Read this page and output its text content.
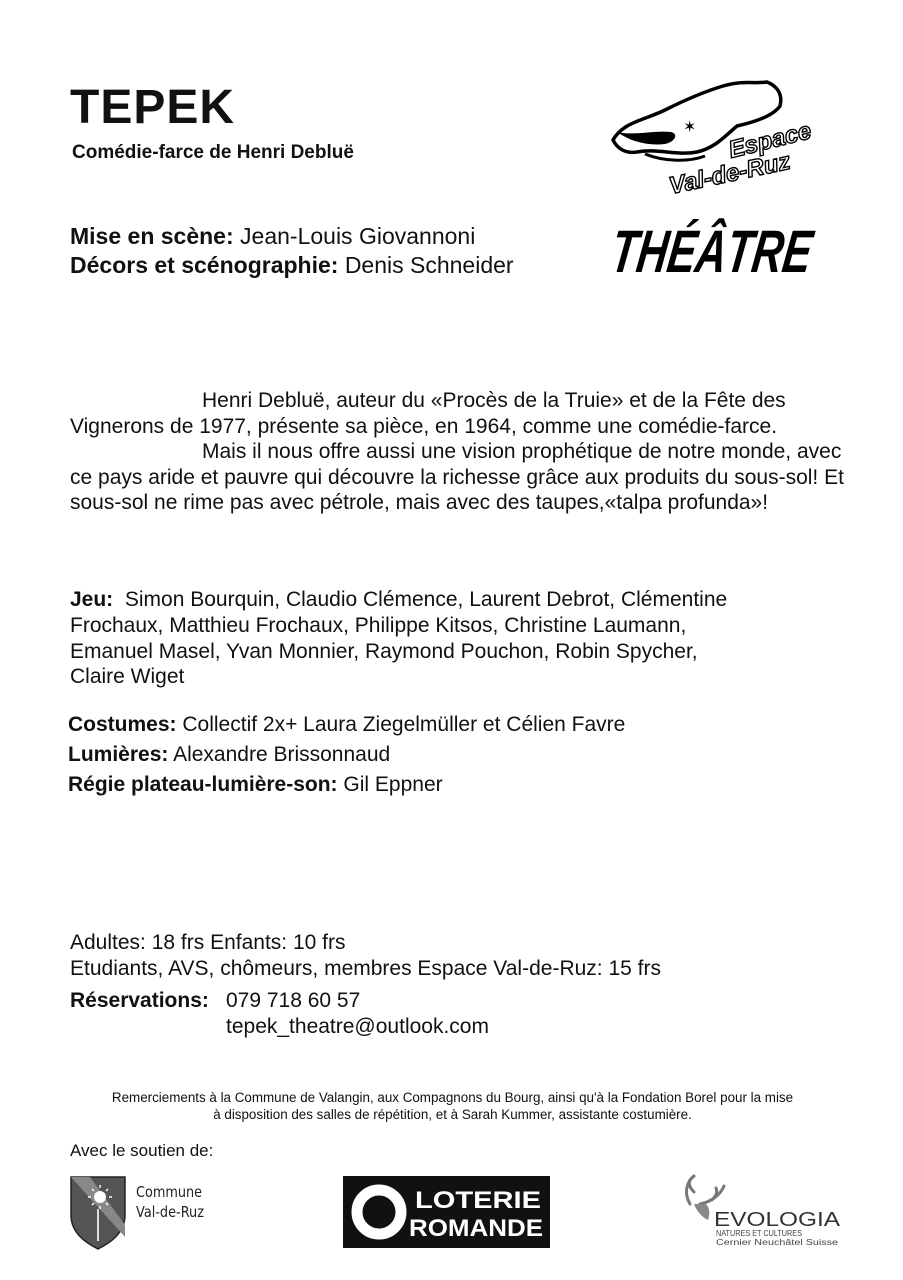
TEPEK
Comédie-farce de Henri Debluë
Mise en scène: Jean-Louis Giovannoni
Décors et scénographie: Denis Schneider
✶ Espace
Val-de-Ruz
THÉÂTRE

Henri Debluë, auteur du «Procès de la Truie» et de la Fête des Vignerons de 1977, présente sa pièce, en 1964, comme une comédie-farce.

Mais il nous offre aussi une vision prophétique de notre monde, avec ce pays aride et pauvre qui découvre la richesse grâce aux produits du sous-sol! Et sous-sol ne rime pas avec pétrole, mais avec des taupes,«talpa profunda»!

Jeu: Simon Bourquin, Claudio Clémence, Laurent Debrot, Clémentine
Frochaux, Matthieu Frochaux, Philippe Kitsos, Christine Laumann,
Emanuel Masel, Yvan Monnier, Raymond Pouchon, Robin Spycher,
Claire Wiget
Costumes: Collectif 2x+ Laura Ziegelmüller et Célien Favre
Lumières: Alexandre Brissonnaud
Régie plateau-lumière-son: Gil Eppner
Adultes: 18 frs Enfants: 10 frs
Etudiants, AVS, chômeurs, membres Espace Val-de-Ruz: 15 frs
Réservations: 079 718 60 57
tepek_theatre@outlook.com
Remerciements à la Commune de Valangin, aux Compagnons du Bourg, ainsi qu'à la Fondation Borel pour la mise
à disposition des salles de répétition, et à Sarah Kummer, assistante costumière.
Avec le soutien de:
Commune
Val-de-Ruz	LOTERIE
ROMANDE	EVOLOGIA
NATURES ET CULTURES
Cernier Neuchâtel Suisse
